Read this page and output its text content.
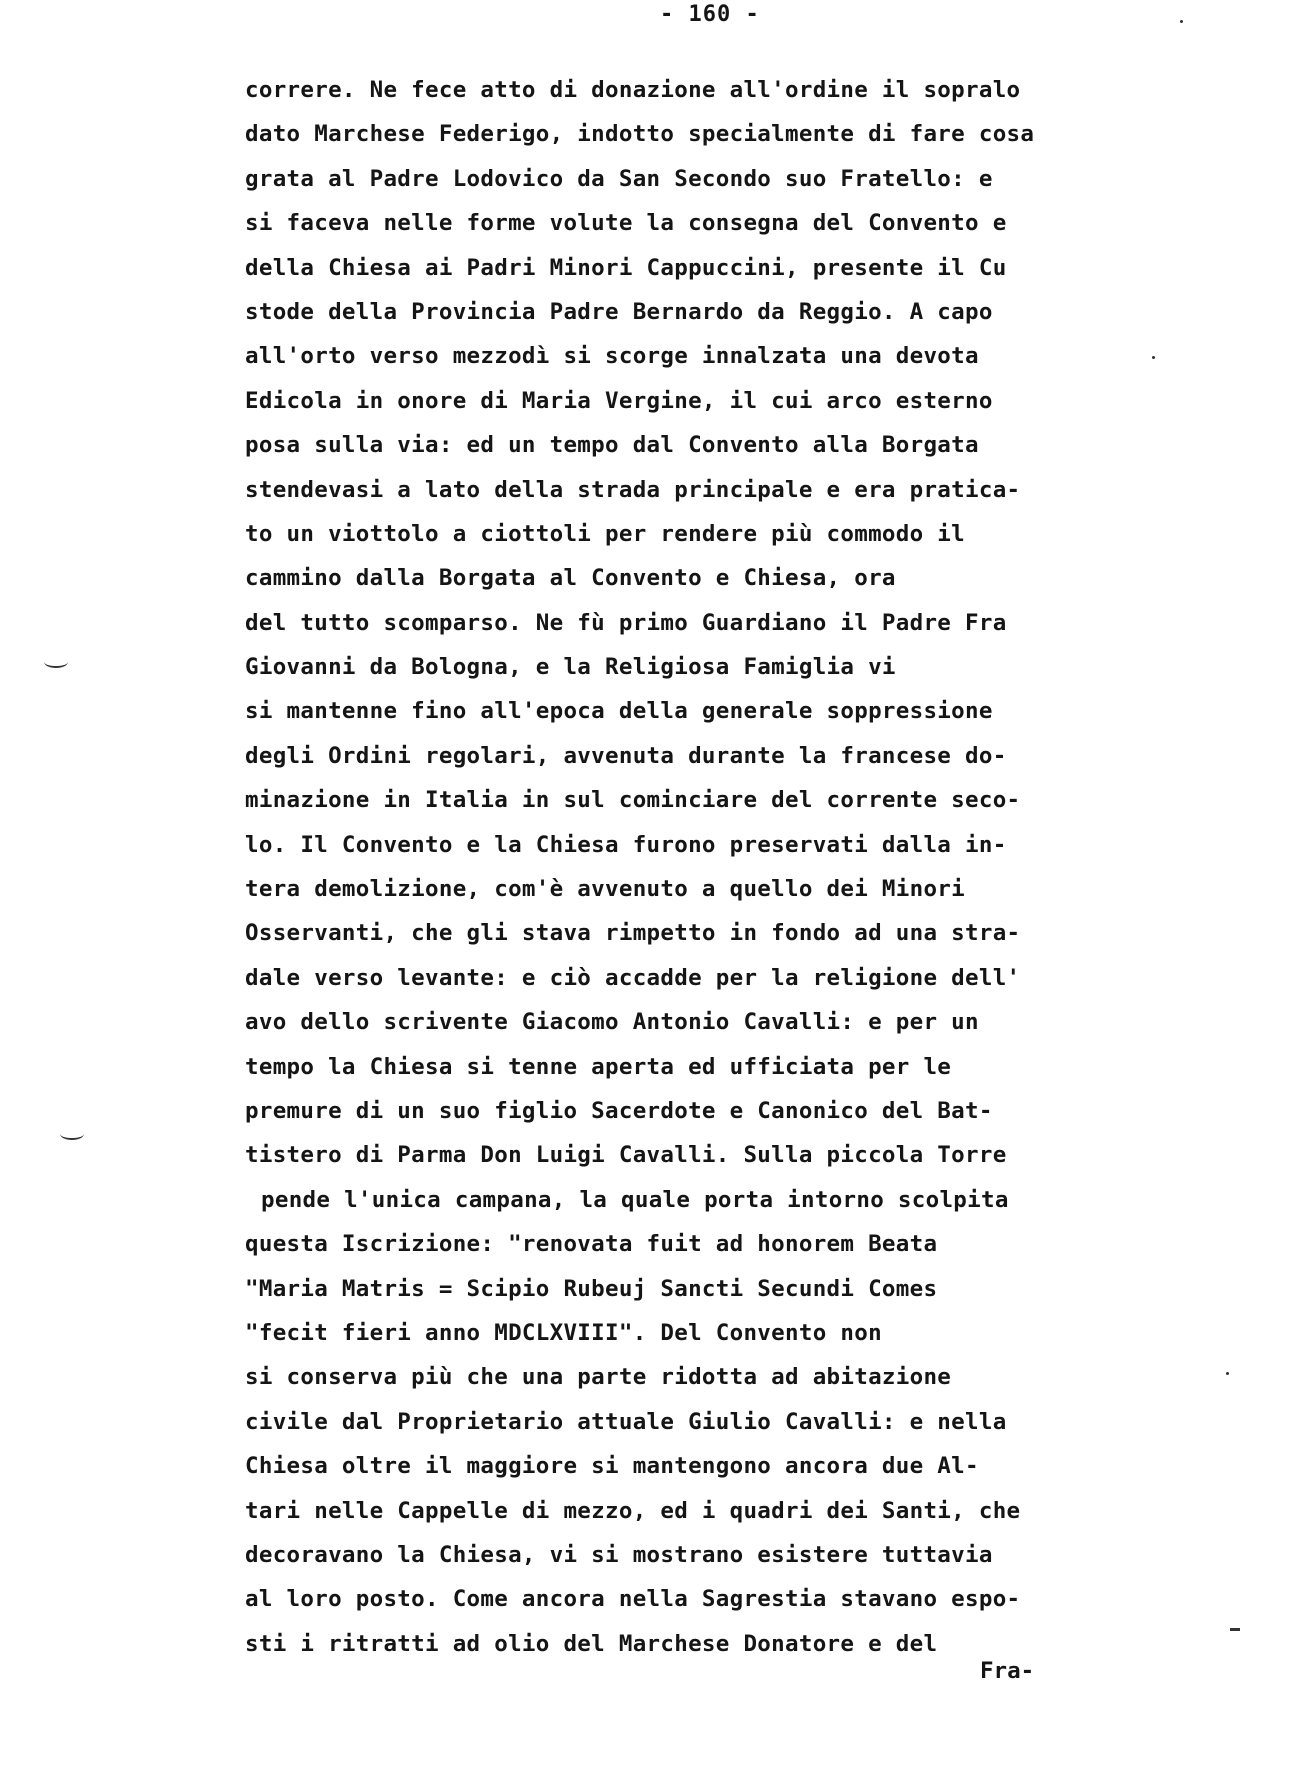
- 160 -
correre. Ne fece atto di donazione all'ordine il sopralo
dato Marchese Federigo, indotto specialmente di fare cosa
grata al Padre Lodovico da San Secondo suo Fratello: e
si faceva nelle forme volute la consegna del Convento e
della Chiesa ai Padri Minori Cappuccini, presente il Cu
stode della Provincia Padre Bernardo da Reggio. A capo
all'orto verso mezzodì si scorge innalzata una devota
Edicola in onore di Maria Vergine, il cui arco esterno
posa sulla via: ed un tempo dal Convento alla Borgata
stendevasi a lato della strada principale e era pratica-
to un viottolo a ciottoli per rendere più commodo il
cammino dalla Borgata al Convento e Chiesa, ora
del tutto scomparso. Ne fù primo Guardiano il Padre Fra
Giovanni da Bologna, e la Religiosa Famiglia vi
si mantenne fino all'epoca della generale soppressione
degli Ordini regolari, avvenuta durante la francese do-
minazione in Italia in sul cominciare del corrente seco-
lo. Il Convento e la Chiesa furono preservati dalla in-
tera demolizione, com'è avvenuto a quello dei Minori
Osservanti, che gli stava rimpetto in fondo ad una stra-
dale verso levante: e ciò accadde per la religione dell'
avo dello scrivente Giacomo Antonio Cavalli: e per un
tempo la Chiesa si tenne aperta ed ufficiata per le
premure di un suo figlio Sacerdote e Canonico del Bat-
tistero di Parma Don Luigi Cavalli. Sulla piccola Torre
pende l'unica campana, la quale porta intorno scolpita
questa Iscrizione: "renovata fuit ad honorem Beata
"Maria Matris = Scipio Rubeuj Sancti Secundi Comes
"fecit fieri anno MDCLXVIII". Del Convento non
si conserva più che una parte ridotta ad abitazione
civile dal Proprietario attuale Giulio Cavalli: e nella
Chiesa oltre il maggiore si mantengono ancora due Al-
tari nelle Cappelle di mezzo, ed i quadri dei Santi, che
decoravano la Chiesa, vi si mostrano esistere tuttavia
al loro posto. Come ancora nella Sagrestia stavano espo-
sti i ritratti ad olio del Marchese Donatore e del
Fra-
